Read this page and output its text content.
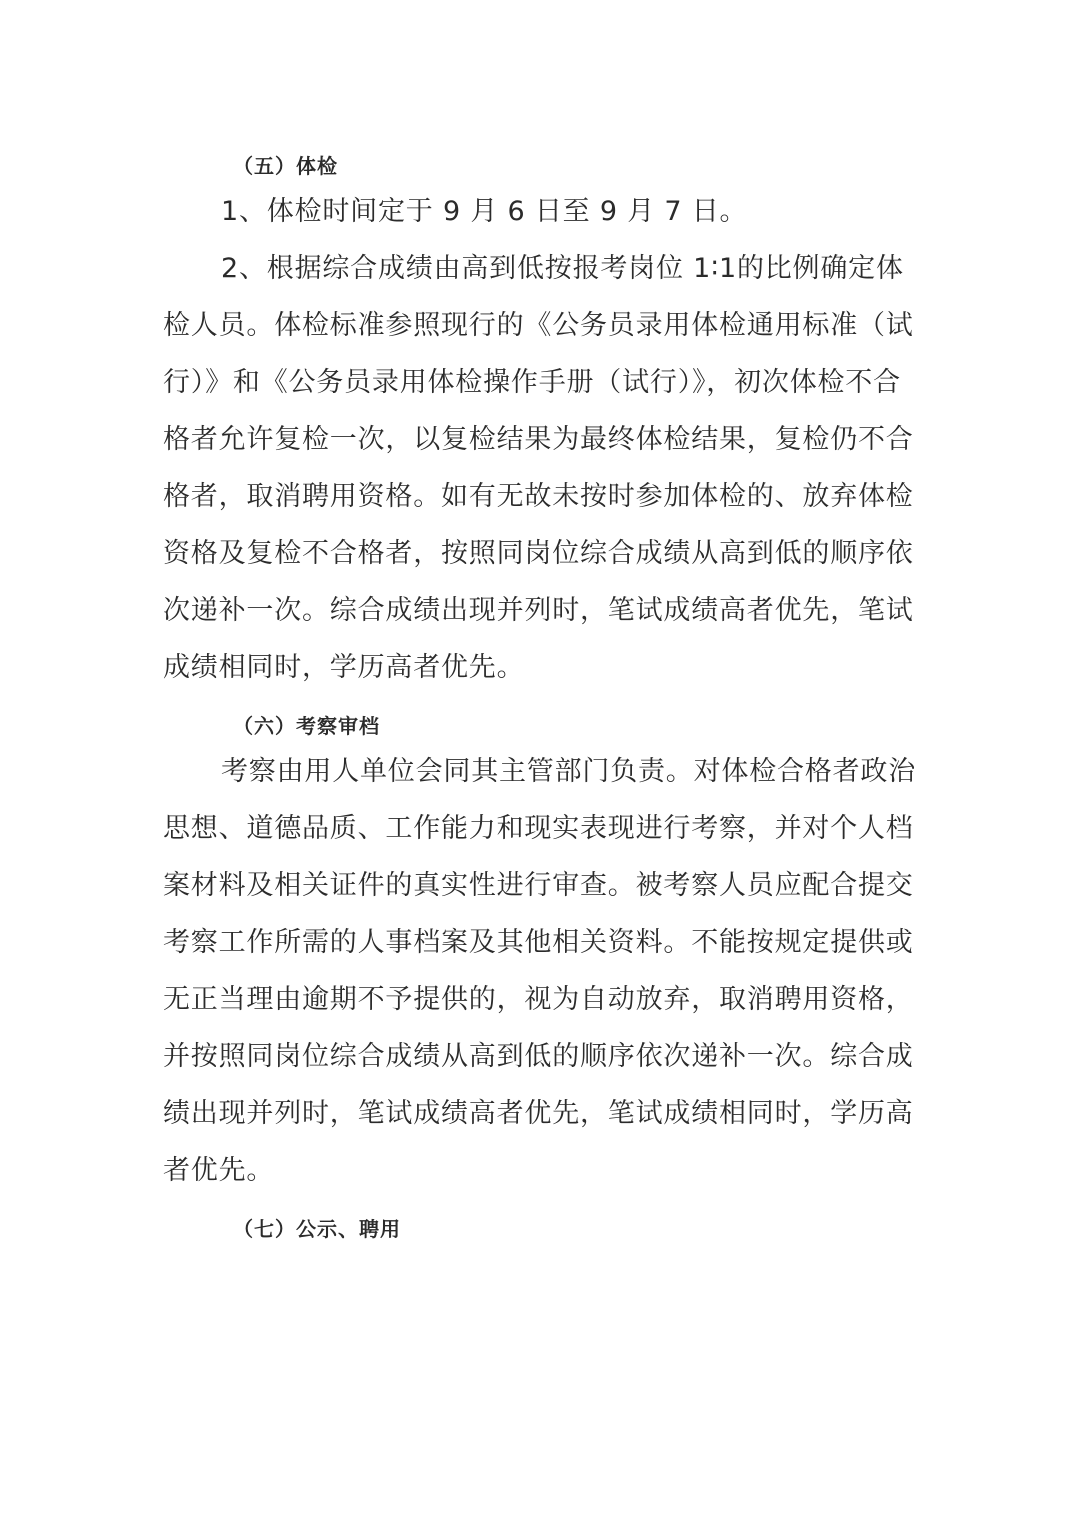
（五）体检
1、体检时间定于 9 月 6 日至 9 月 7 日。
2、根据综合成绩由高到低按报考岗位 1∶1的比例确定体检人员。体检标准参照现行的《公务员录用体检通用标准（试行）》和《公务员录用体检操作手册（试行）》，初次体检不合格者允许复检一次，以复检结果为最终体检结果，复检仍不合格者，取消聘用资格。如有无故未按时参加体检的、放弃体检资格及复检不合格者，按照同岗位综合成绩从高到低的顺序依次递补一次。综合成绩出现并列时，笔试成绩高者优先，笔试成绩相同时，学历高者优先。
（六）考察审档
考察由用人单位会同其主管部门负责。对体检合格者政治思想、道德品质、工作能力和现实表现进行考察，并对个人档案材料及相关证件的真实性进行审查。被考察人员应配合提交考察工作所需的人事档案及其他相关资料。不能按规定提供或无正当理由逾期不予提供的，视为自动放弃，取消聘用资格，并按照同岗位综合成绩从高到低的顺序依次递补一次。综合成绩出现并列时，笔试成绩高者优先，笔试成绩相同时，学历高者优先。
（七）公示、聘用
